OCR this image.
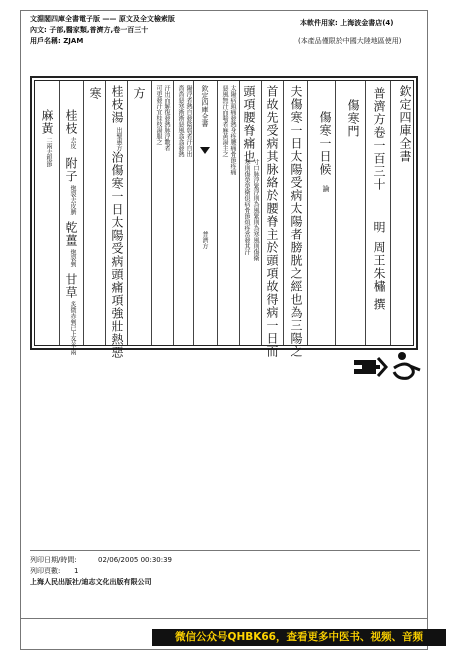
文淵閣四庫全書電子版 —— 原文及全文檢索版
內文: 子部,醫家類,普濟方,卷一百三十
用戶名稱: ZJAM
本軟件用家: 上海波金書店(4)
(本產品僅限於中國大陸地區使用)
欽定四庫全書
普濟方卷一百三十
明
周王朱橚 撰
傷寒門
傷寒一日候
論
夫傷寒一日太陽受病太陽者膀胱之經也為三陽之
首故先受病其脉絡於腰脊主於頭項故得病一日而
頭項腰脊痛也
寸口脉浮緊浮則為風緊則為寒風則傷衛
寒則傷榮榮衛俱病骨節煩疼當發其汗
太陽病頭痛發熱身疼腰痛骨節疼痛
惡風無汗而喘者麻黃湯主之
欽定四庫全書
普濟方
陽浮者熱自發陰弱者汗自出
嗇嗇惡寒淅淅惡風翕翕發熱
汗出而解復發熱脉浮數者
可更發汗宜桂枝湯服之
方
桂枝湯
出聖惠方
治傷寒一日太陽受病頭痛項強壯熱惡
寒
桂枝
去皮
附子
炮裂去皮臍
乾薑
炮裂剉
甘草
炙微赤剉已上各半兩
麻黃
二兩去根節
列印日期/時間:	02/06/2005 00:30:39
列印頁數: 1
上海人民出版社/迪志文化出版有限公司
微信公众号QHBK66，查看更多中医书、视频、音频
